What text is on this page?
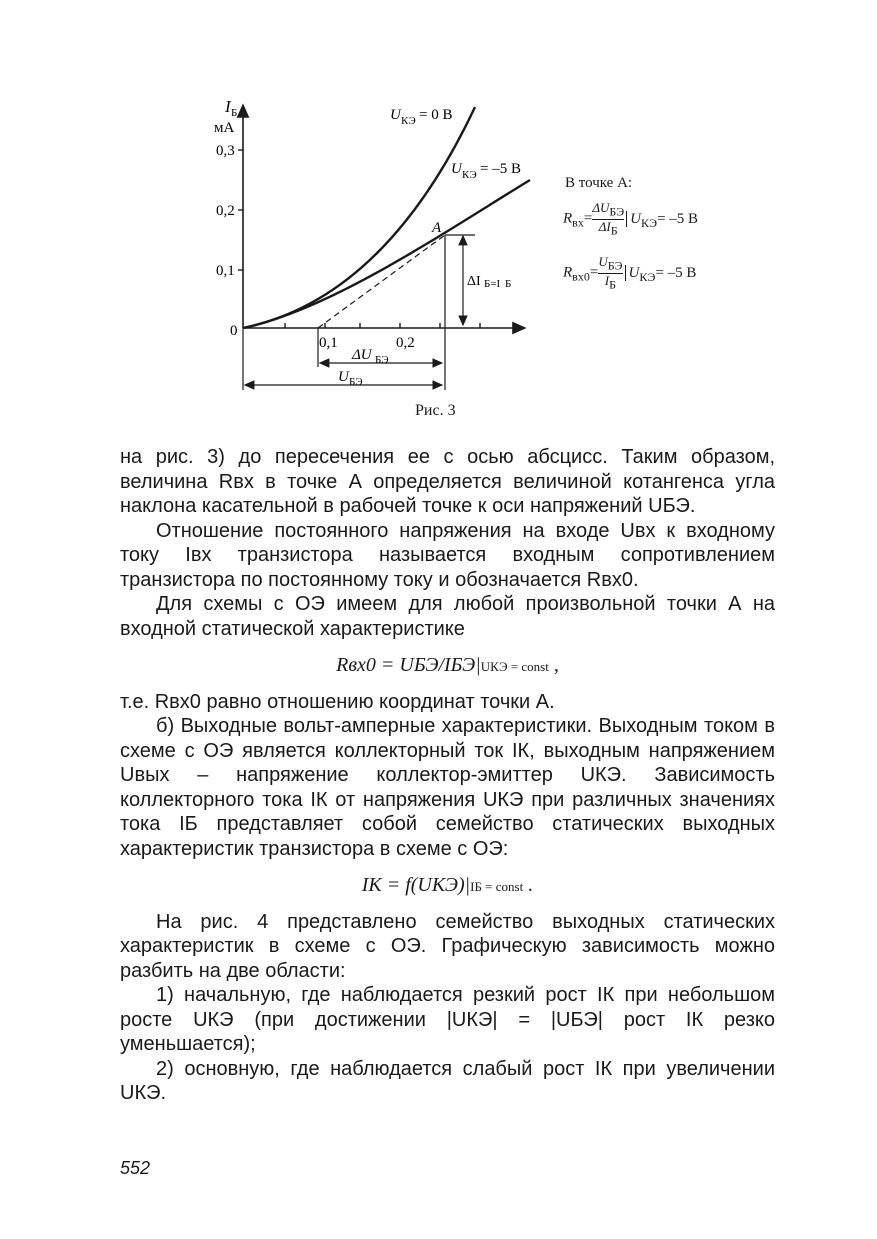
I Б
мА
0,3
0,2
0,1
0
0,1	0,2
U КЭ = 0 В
U КЭ = –5 В
A
ΔI Б=I Б
ΔU БЭ
U БЭ
В точке А:
$R_{вх}=$
$\Delta U_{БЭ}$
$\Delta I_Б$
$U_{КЭ}= -5$ В
$R_{вх0}=$
$U_{БЭ}$
$I_Б$
$U_{КЭ}= -5$ В
Рис. 3

на рис. 3) до пересечения ее с осью абсцисс. Таким образом, величина Rвх в точке А определяется величиной котангенса угла наклона касательной в рабочей точке к оси напряжений UБЭ.

Отношение постоянного напряжения на входе Uвх к входному току Iвх транзистора называется входным сопротивлением транзистора по постоянному току и обозначается Rвх0.

Для схемы с ОЭ имеем для любой произвольной точки А на входной статической характеристике

Rвх0 = UБЭ/IБЭ|UКЭ = const ,

т.е. Rвх0 равно отношению координат точки А.

б) Выходные вольт-амперные характеристики. Выходным током в схеме с ОЭ является коллекторный ток IК, выходным напряжением Uвых – напряжение коллектор-эмиттер UКЭ. Зависимость коллекторного тока IК от напряжения UКЭ при различных значениях тока IБ представляет собой семейство статических выходных характеристик транзистора в схеме с ОЭ:

IК = f(UКЭ)|IБ = const .

На рис. 4 представлено семейство выходных статических характеристик в схеме с ОЭ. Графическую зависимость можно разбить на две области:

1) начальную, где наблюдается резкий рост IК при небольшом росте UКЭ (при достижении |UКЭ| = |UБЭ| рост IК резко уменьшается);

2) основную, где наблюдается слабый рост IК при увеличении UКЭ.

552
